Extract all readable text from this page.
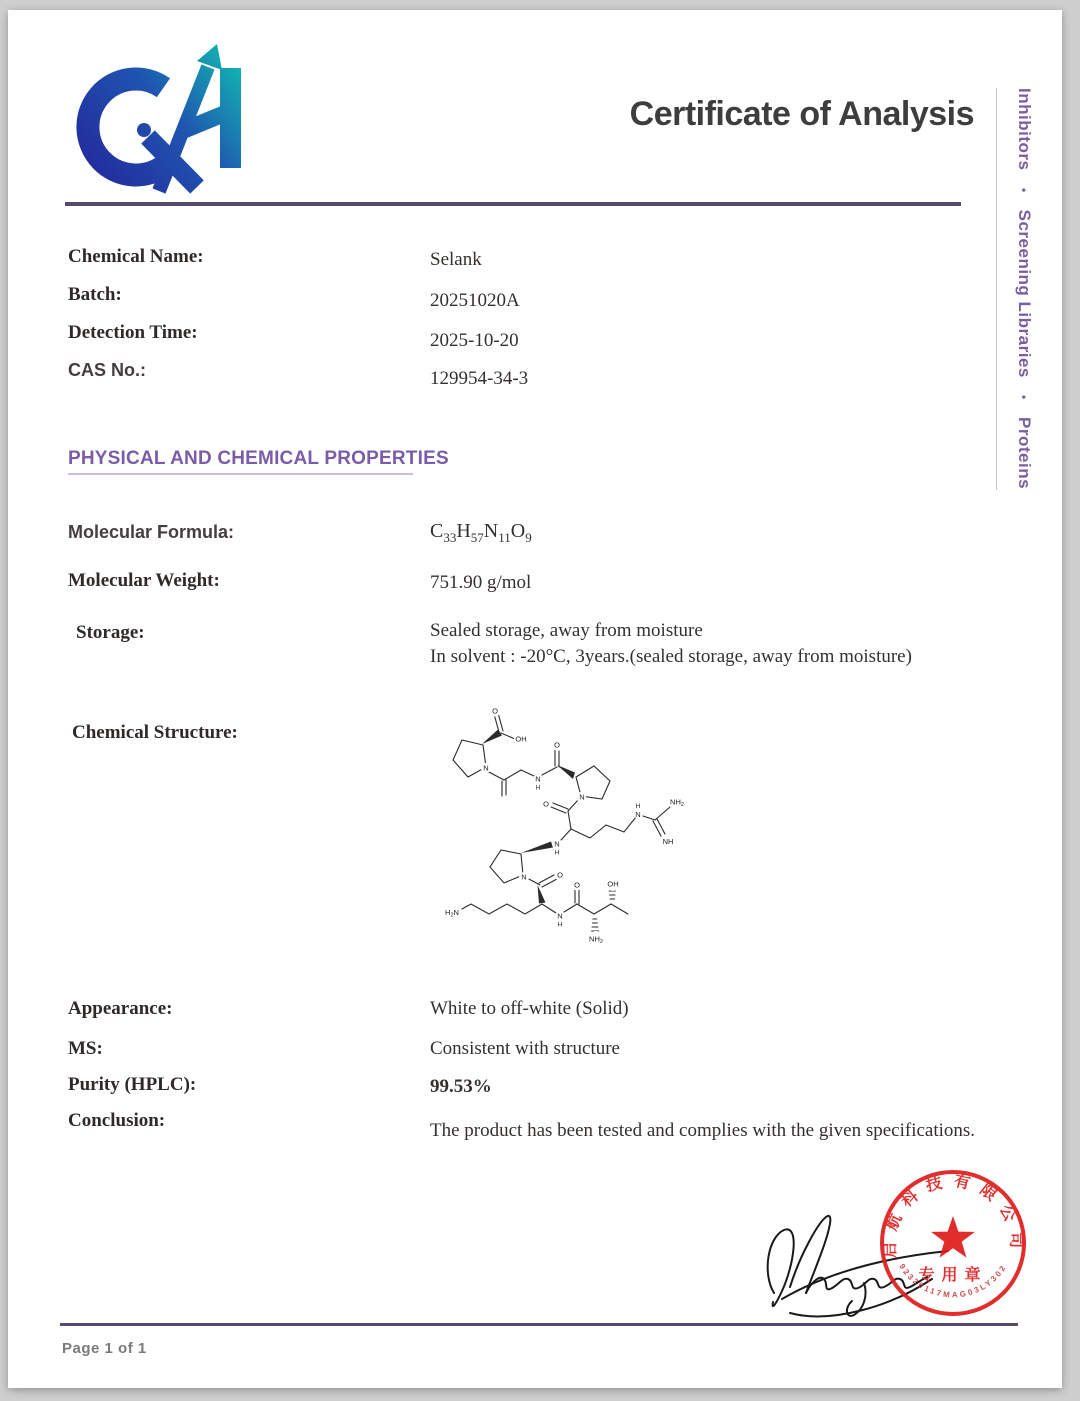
Certificate of Analysis	Inhibitors • Screening Libraries • Proteins
Chemical Name:	Selank
Batch:	20251020A
Detection Time:	2025-10-20
CAS No.:	129954-34-3
PHYSICAL AND CHEMICAL PROPERTIES
Molecular Formula:	$C_{33}H_{57}N_{11}O_9$
Molecular Weight:	751.90 g/mol
Storage:	Sealed storage, away from moisture
In solvent : -20°C, 3years.(sealed storage, away from moisture)
Chemical Structure:
O
OH
N
N
H
O
N
O	H
N
NH
$NH_2$
N
H
N	O
$H_2N$	N
H
O
$NH_2$
OH
Appearance:	White to off-white (Solid)
MS:	Consistent with structure
Purity (HPLC):	99.53%
Conclusion:	The product has been tested and complies with the given specifications.
启航科技有限公司
专用章
92320117MAG03LY302
Page 1 of 1
